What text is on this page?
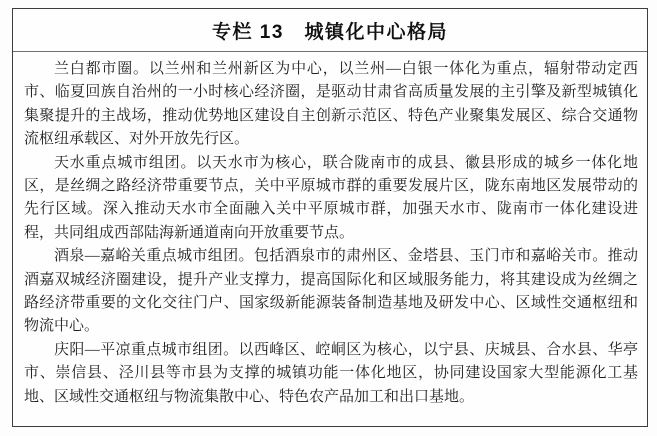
专栏 13　城镇化中心格局

兰白都市圈。以兰州和兰州新区为中心，以兰州—白银一体化为重点，辐射带动定西市、临夏回族自治州的一小时核心经济圈，是驱动甘肃省高质量发展的主引擎及新型城镇化集聚提升的主战场，推动优势地区建设自主创新示范区、特色产业聚集发展区、综合交通物流枢纽承载区、对外开放先行区。

天水重点城市组团。以天水市为核心，联合陇南市的成县、徽县形成的城乡一体化地区，是丝绸之路经济带重要节点，关中平原城市群的重要发展片区，陇东南地区发展带动的先行区域。深入推动天水市全面融入关中平原城市群，加强天水市、陇南市一体化建设进程，共同组成西部陆海新通道南向开放重要节点。

酒泉—嘉峪关重点城市组团。包括酒泉市的肃州区、金塔县、玉门市和嘉峪关市。推动酒嘉双城经济圈建设，提升产业支撑力，提高国际化和区域服务能力，将其建设成为丝绸之路经济带重要的文化交往门户、国家级新能源装备制造基地及研发中心、区域性交通枢纽和物流中心。

庆阳—平凉重点城市组团。以西峰区、崆峒区为核心，以宁县、庆城县、合水县、华亭市、崇信县、泾川县等市县为支撑的城镇功能一体化地区，协同建设国家大型能源化工基地、区域性交通枢纽与物流集散中心、特色农产品加工和出口基地。
